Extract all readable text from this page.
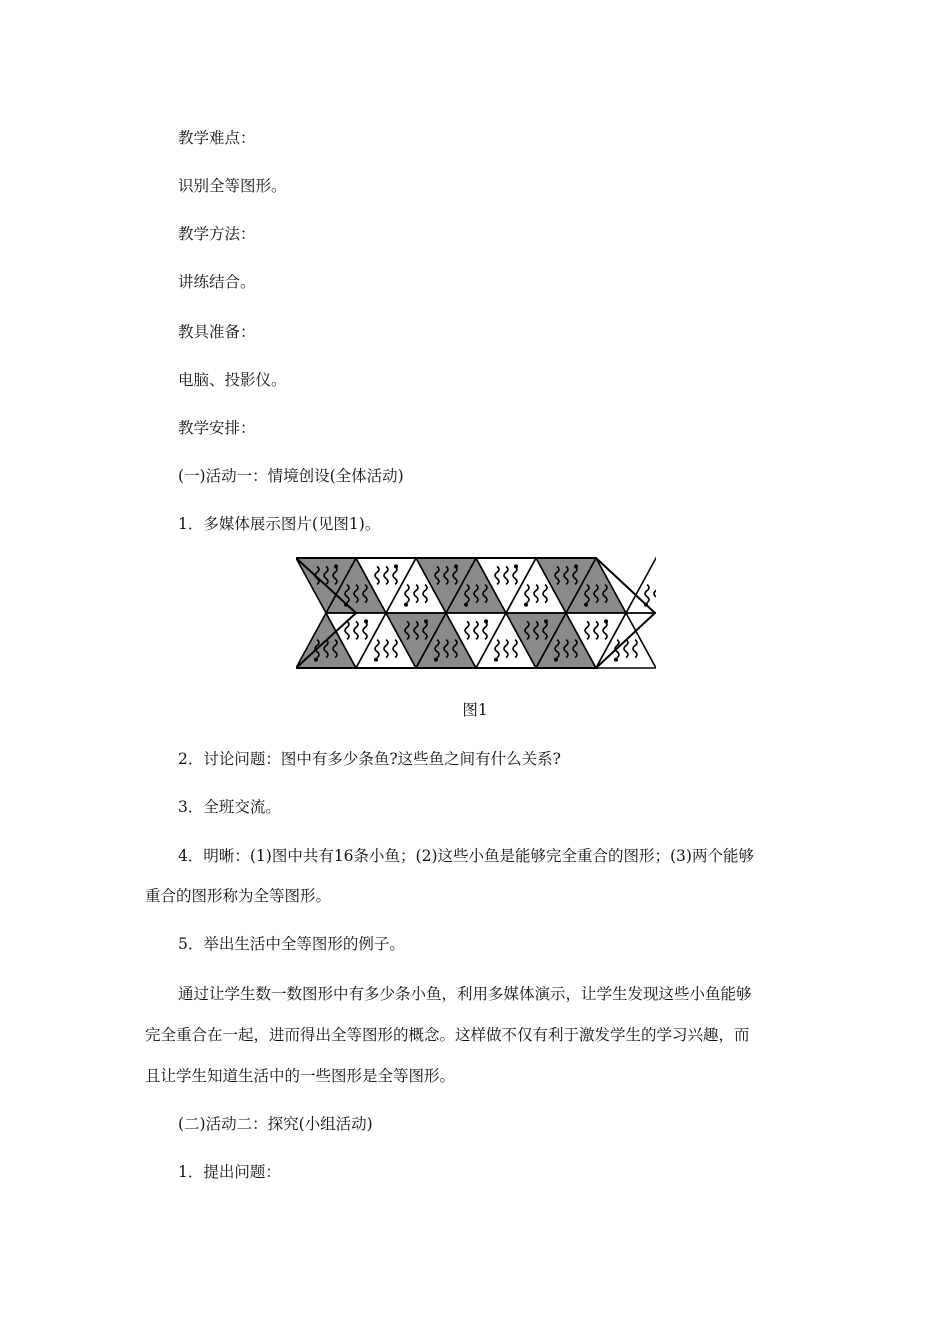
教学难点：
识别全等图形。
教学方法：
讲练结合。
教具准备：
电脑、投影仪。
教学安排：
(一)活动一：情境创设(全体活动)
1．多媒体展示图片(见图1)。
图1
2．讨论问题：图中有多少条鱼?这些鱼之间有什么关系?
3．全班交流。
4．明晰：(1)图中共有16条小鱼；(2)这些小鱼是能够完全重合的图形；(3)两个能够
重合的图形称为全等图形。
5．举出生活中全等图形的例子。
通过让学生数一数图形中有多少条小鱼，利用多媒体演示，让学生发现这些小鱼能够
完全重合在一起，进而得出全等图形的概念。这样做不仅有利于激发学生的学习兴趣，而
且让学生知道生活中的一些图形是全等图形。
(二)活动二：探究(小组活动)
1．提出问题：
